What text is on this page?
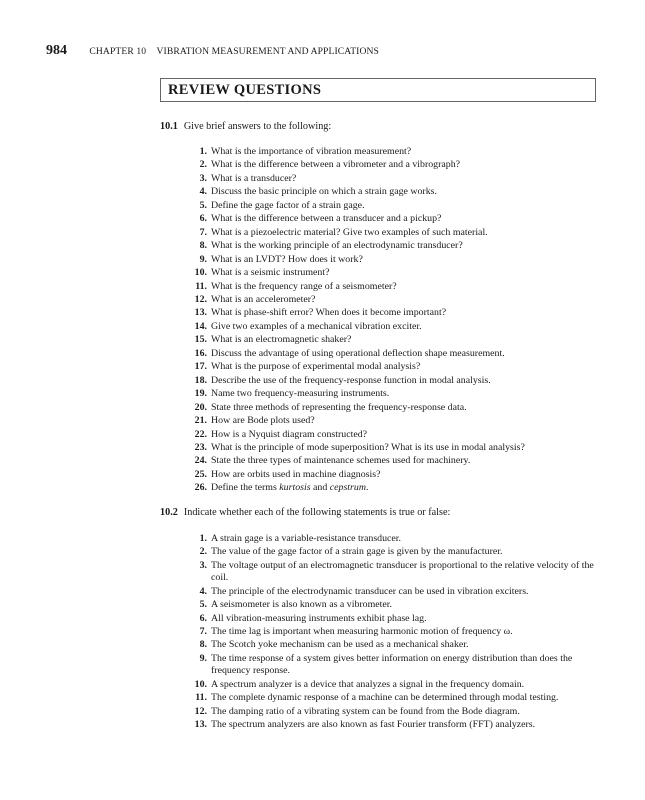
984 CHAPTER 10 VIBRATION MEASUREMENT AND APPLICATIONS
REVIEW QUESTIONS
10.1 Give brief answers to the following:
1. What is the importance of vibration measurement?
2. What is the difference between a vibrometer and a vibrograph?
3. What is a transducer?
4. Discuss the basic principle on which a strain gage works.
5. Define the gage factor of a strain gage.
6. What is the difference between a transducer and a pickup?
7. What is a piezoelectric material? Give two examples of such material.
8. What is the working principle of an electrodynamic transducer?
9. What is an LVDT? How does it work?
10. What is a seismic instrument?
11. What is the frequency range of a seismometer?
12. What is an accelerometer?
13. What is phase-shift error? When does it become important?
14. Give two examples of a mechanical vibration exciter.
15. What is an electromagnetic shaker?
16. Discuss the advantage of using operational deflection shape measurement.
17. What is the purpose of experimental modal analysis?
18. Describe the use of the frequency-response function in modal analysis.
19. Name two frequency-measuring instruments.
20. State three methods of representing the frequency-response data.
21. How are Bode plots used?
22. How is a Nyquist diagram constructed?
23. What is the principle of mode superposition? What is its use in modal analysis?
24. State the three types of maintenance schemes used for machinery.
25. How are orbits used in machine diagnosis?
26. Define the terms kurtosis and cepstrum.
10.2 Indicate whether each of the following statements is true or false:
1. A strain gage is a variable-resistance transducer.
2. The value of the gage factor of a strain gage is given by the manufacturer.
3. The voltage output of an electromagnetic transducer is proportional to the relative velocity of the coil.
4. The principle of the electrodynamic transducer can be used in vibration exciters.
5. A seismometer is also known as a vibrometer.
6. All vibration-measuring instruments exhibit phase lag.
7. The time lag is important when measuring harmonic motion of frequency ω.
8. The Scotch yoke mechanism can be used as a mechanical shaker.
9. The time response of a system gives better information on energy distribution than does the frequency response.
10. A spectrum analyzer is a device that analyzes a signal in the frequency domain.
11. The complete dynamic response of a machine can be determined through modal testing.
12. The damping ratio of a vibrating system can be found from the Bode diagram.
13. The spectrum analyzers are also known as fast Fourier transform (FFT) analyzers.
